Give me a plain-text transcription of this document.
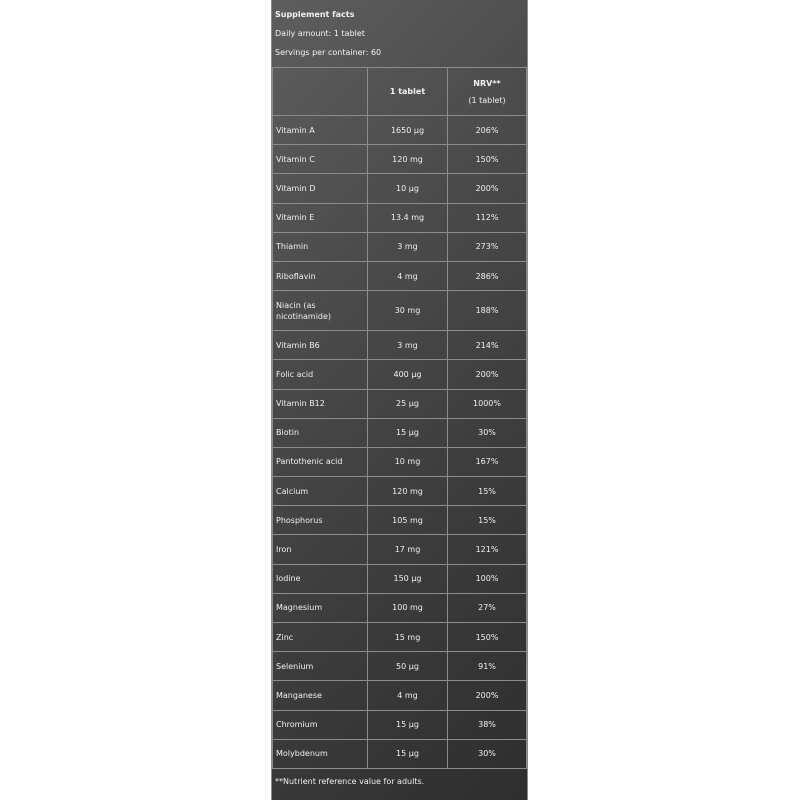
Supplement facts
Daily amount: 1 tablet
Servings per container: 60
	1 tablet	NRV**
(1 tablet)

Vitamin A	1650 µg	206%
Vitamin C	120 mg	150%
Vitamin D	10 µg	200%
Vitamin E	13.4 mg	112%
Thiamin	3 mg	273%
Riboflavin	4 mg	286%
Niacin (as nicotinamide)	30 mg	188%
Vitamin B6	3 mg	214%
Folic acid	400 µg	200%
Vitamin B12	25 µg	1000%
Biotin	15 µg	30%
Pantothenic acid	10 mg	167%
Calcium	120 mg	15%
Phosphorus	105 mg	15%
Iron	17 mg	121%
Iodine	150 µg	100%
Magnesium	100 mg	27%
Zinc	15 mg	150%
Selenium	50 µg	91%
Manganese	4 mg	200%
Chromium	15 µg	38%
Molybdenum	15 µg	30%
**Nutrient reference value for adults.
